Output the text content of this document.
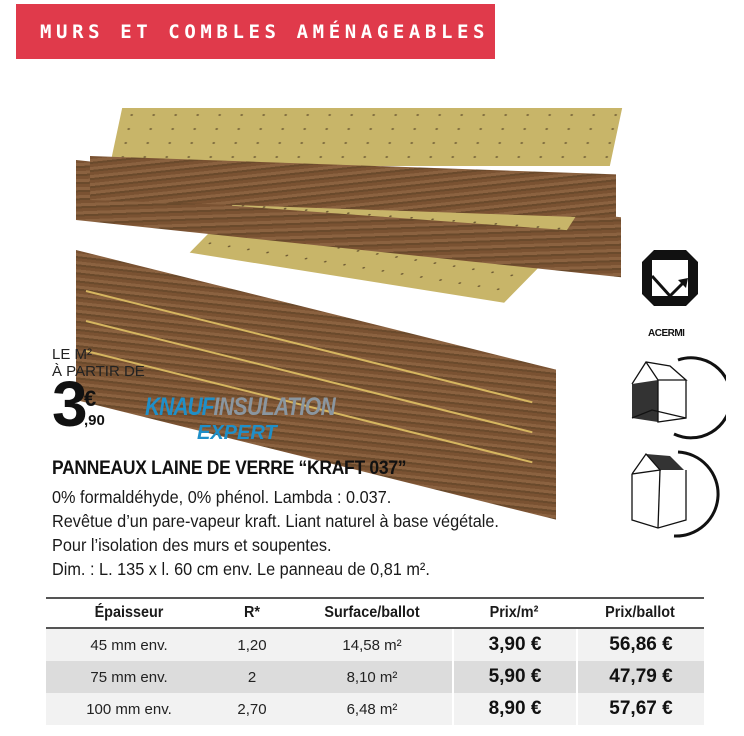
MURS ET COMBLES AMÉNAGEABLES
LE M²
À PARTIR DE
3
€
,90 KNAUFINSULATION
EXPERT
ACERMI
PANNEAUX LAINE DE VERRE “KRAFT 037”
0% formaldéhyde, 0% phénol. Lambda : 0.037.
Revêtue d’un pare-vapeur kraft. Liant naturel à base végétale.
Pour l’isolation des murs et soupentes.
Dim. : L. 135 x l. 60 cm env. Le panneau de 0,81 m².
Épaisseur	R*	Surface/ballot	Prix/m²	Prix/ballot
45 mm env.	1,20	14,58 m²	3,90 €	56,86 €
75 mm env.	2	8,10 m²	5,90 €	47,79 €
100 mm env.	2,70	6,48 m²	8,90 €	57,67 €
